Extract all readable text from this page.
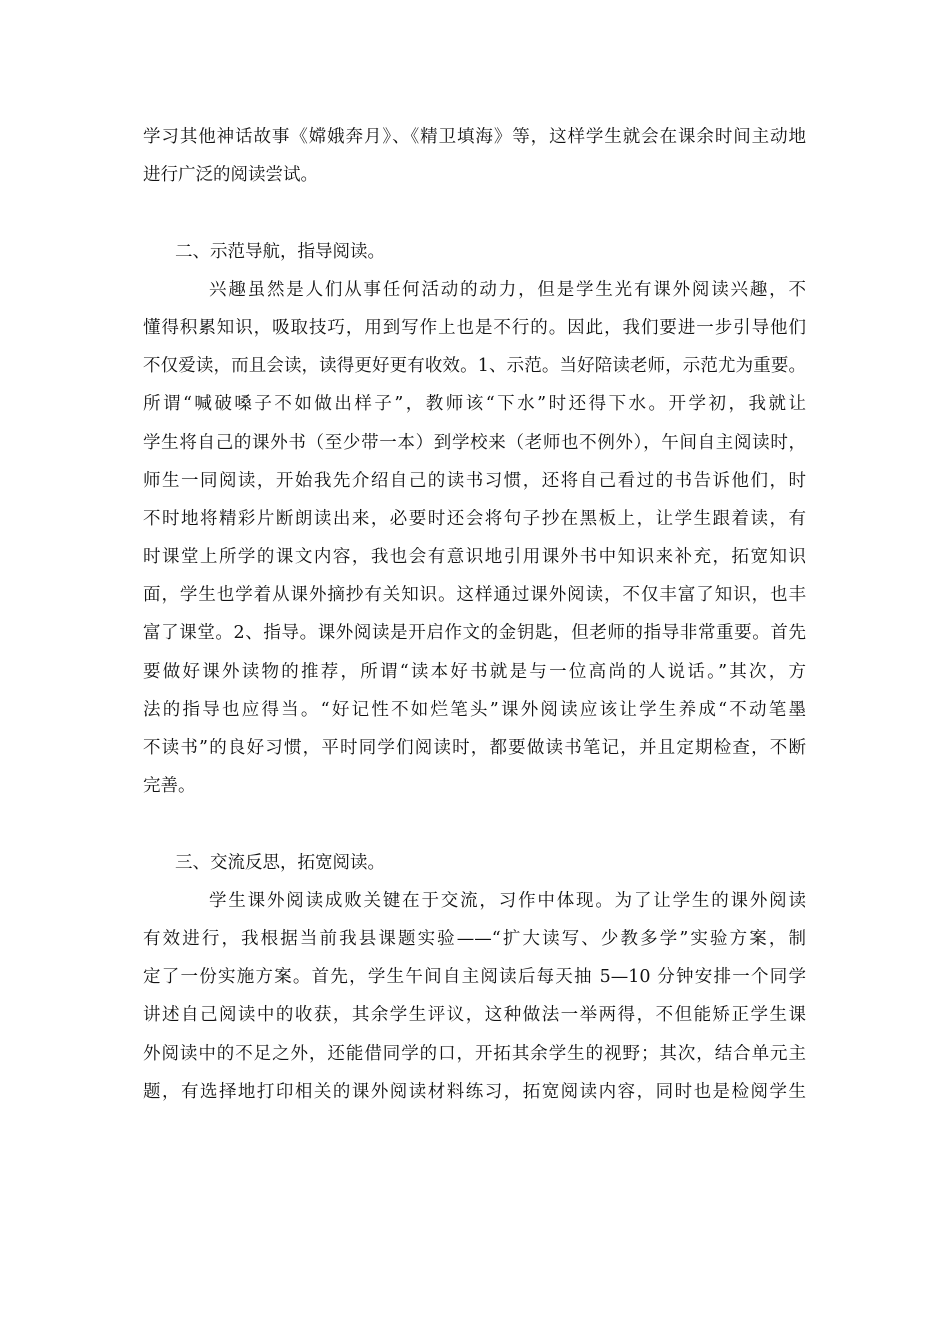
学习其他神话故事《嫦娥奔月》、《精卫填海》等，这样学生就会在课余时间主动地
进行广泛的阅读尝试。
二、示范导航，指导阅读。
兴趣虽然是人们从事任何活动的动力，但是学生光有课外阅读兴趣，不
懂得积累知识，吸取技巧，用到写作上也是不行的。因此，我们要进一步引导他们
不仅爱读，而且会读，读得更好更有收效。1、示范。当好陪读老师，示范尤为重要。
所谓“喊破嗓子不如做出样子”，教师该“下水”时还得下水。开学初，我就让
学生将自己的课外书（至少带一本）到学校来（老师也不例外），午间自主阅读时，
师生一同阅读，开始我先介绍自己的读书习惯，还将自己看过的书告诉他们，时
不时地将精彩片断朗读出来，必要时还会将句子抄在黑板上，让学生跟着读，有
时课堂上所学的课文内容，我也会有意识地引用课外书中知识来补充，拓宽知识
面，学生也学着从课外摘抄有关知识。这样通过课外阅读，不仅丰富了知识，也丰
富了课堂。2、指导。课外阅读是开启作文的金钥匙，但老师的指导非常重要。首先
要做好课外读物的推荐，所谓“读本好书就是与一位高尚的人说话。”其次，方
法的指导也应得当。“好记性不如烂笔头”课外阅读应该让学生养成“不动笔墨
不读书”的良好习惯，平时同学们阅读时，都要做读书笔记，并且定期检查，不断
完善。
三、交流反思，拓宽阅读。
学生课外阅读成败关键在于交流，习作中体现。为了让学生的课外阅读
有效进行，我根据当前我县课题实验——“扩大读写、少教多学”实验方案，制
定了一份实施方案。首先，学生午间自主阅读后每天抽 5—10 分钟安排一个同学
讲述自己阅读中的收获，其余学生评议，这种做法一举两得，不但能矫正学生课
外阅读中的不足之外，还能借同学的口，开拓其余学生的视野；其次，结合单元主
题，有选择地打印相关的课外阅读材料练习，拓宽阅读内容，同时也是检阅学生
